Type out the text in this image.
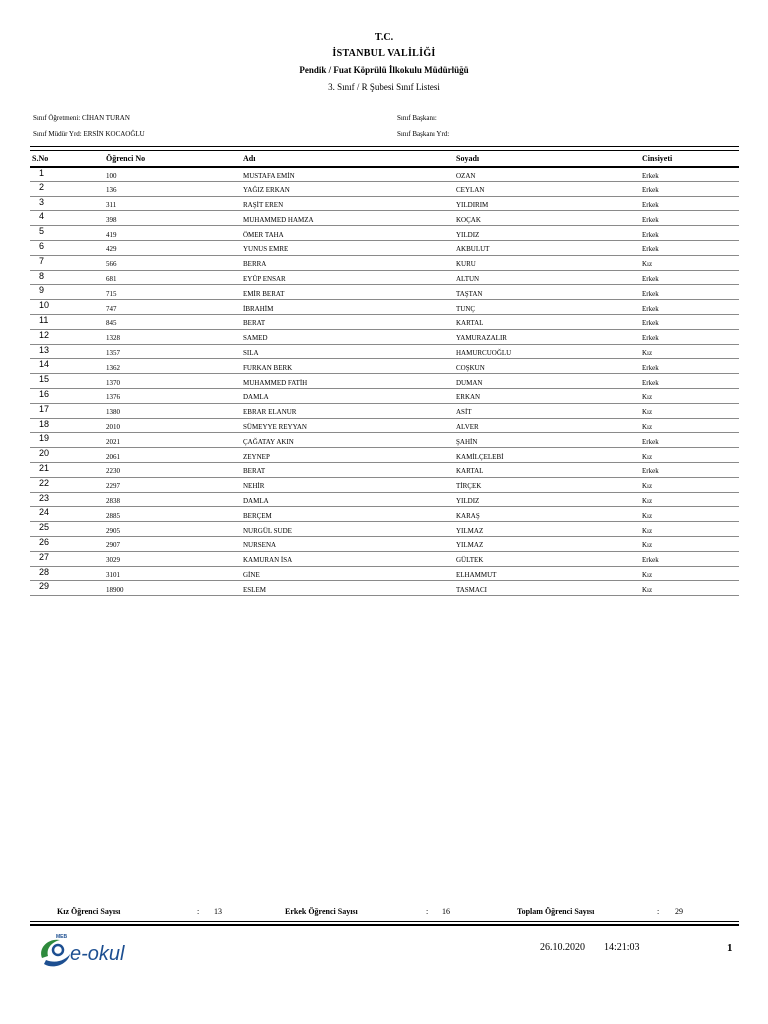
T.C.
İSTANBUL VALİLİĞİ
Pendik / Fuat Köprülü İlkokulu Müdürlüğü
3. Sınıf / R Şubesi Sınıf Listesi
Sınıf Öğretmeni: CİHAN TURAN
Sınıf Müdür Yrd: ERSİN KOCAOĞLU
Sınıf Başkanı:
Sınıf Başkanı Yrd:
S.No	Öğrenci No	Adı	Soyadı	Cinsiyeti
1	100	MUSTAFA EMİN	OZAN	Erkek
2	136	YAĞIZ ERKAN	CEYLAN	Erkek
3	311	RAŞİT EREN	YILDIRIM	Erkek
4	398	MUHAMMED HAMZA	KOÇAK	Erkek
5	419	ÖMER TAHA	YILDIZ	Erkek
6	429	YUNUS EMRE	AKBULUT	Erkek
7	566	BERRA	KURU	Kız
8	681	EYÜP ENSAR	ALTUN	Erkek
9	715	EMİR BERAT	TAŞTAN	Erkek
10	747	İBRAHİM	TUNÇ	Erkek
11	845	BERAT	KARTAL	Erkek
12	1328	SAMED	YAMURAZALIR	Erkek
13	1357	SILA	HAMURCUOĞLU	Kız
14	1362	FURKAN BERK	COŞKUN	Erkek
15	1370	MUHAMMED FATİH	DUMAN	Erkek
16	1376	DAMLA	ERKAN	Kız
17	1380	EBRAR ELANUR	ASİT	Kız
18	2010	SÜMEYYE REYYAN	ALVER	Kız
19	2021	ÇAĞATAY AKIN	ŞAHİN	Erkek
20	2061	ZEYNEP	KAMİLÇELEBİ	Kız
21	2230	BERAT	KARTAL	Erkek
22	2297	NEHİR	TİRÇEK	Kız
23	2838	DAMLA	YILDIZ	Kız
24	2885	BERÇEM	KARAŞ	Kız
25	2905	NURGÜL SUDE	YILMAZ	Kız
26	2907	NURSENA	YILMAZ	Kız
27	3029	KAMURAN İSA	GÜLTEK	Erkek
28	3101	GİNE	ELHAMMUT	Kız
29	18900	ESLEM	TASMACI	Kız
Kız Öğrenci Sayısı	: 13	Erkek Öğrenci Sayısı	: 16	Toplam Öğrenci Sayısı	: 29
MEB
e-okul	26.10.2020 14:21:03	1
